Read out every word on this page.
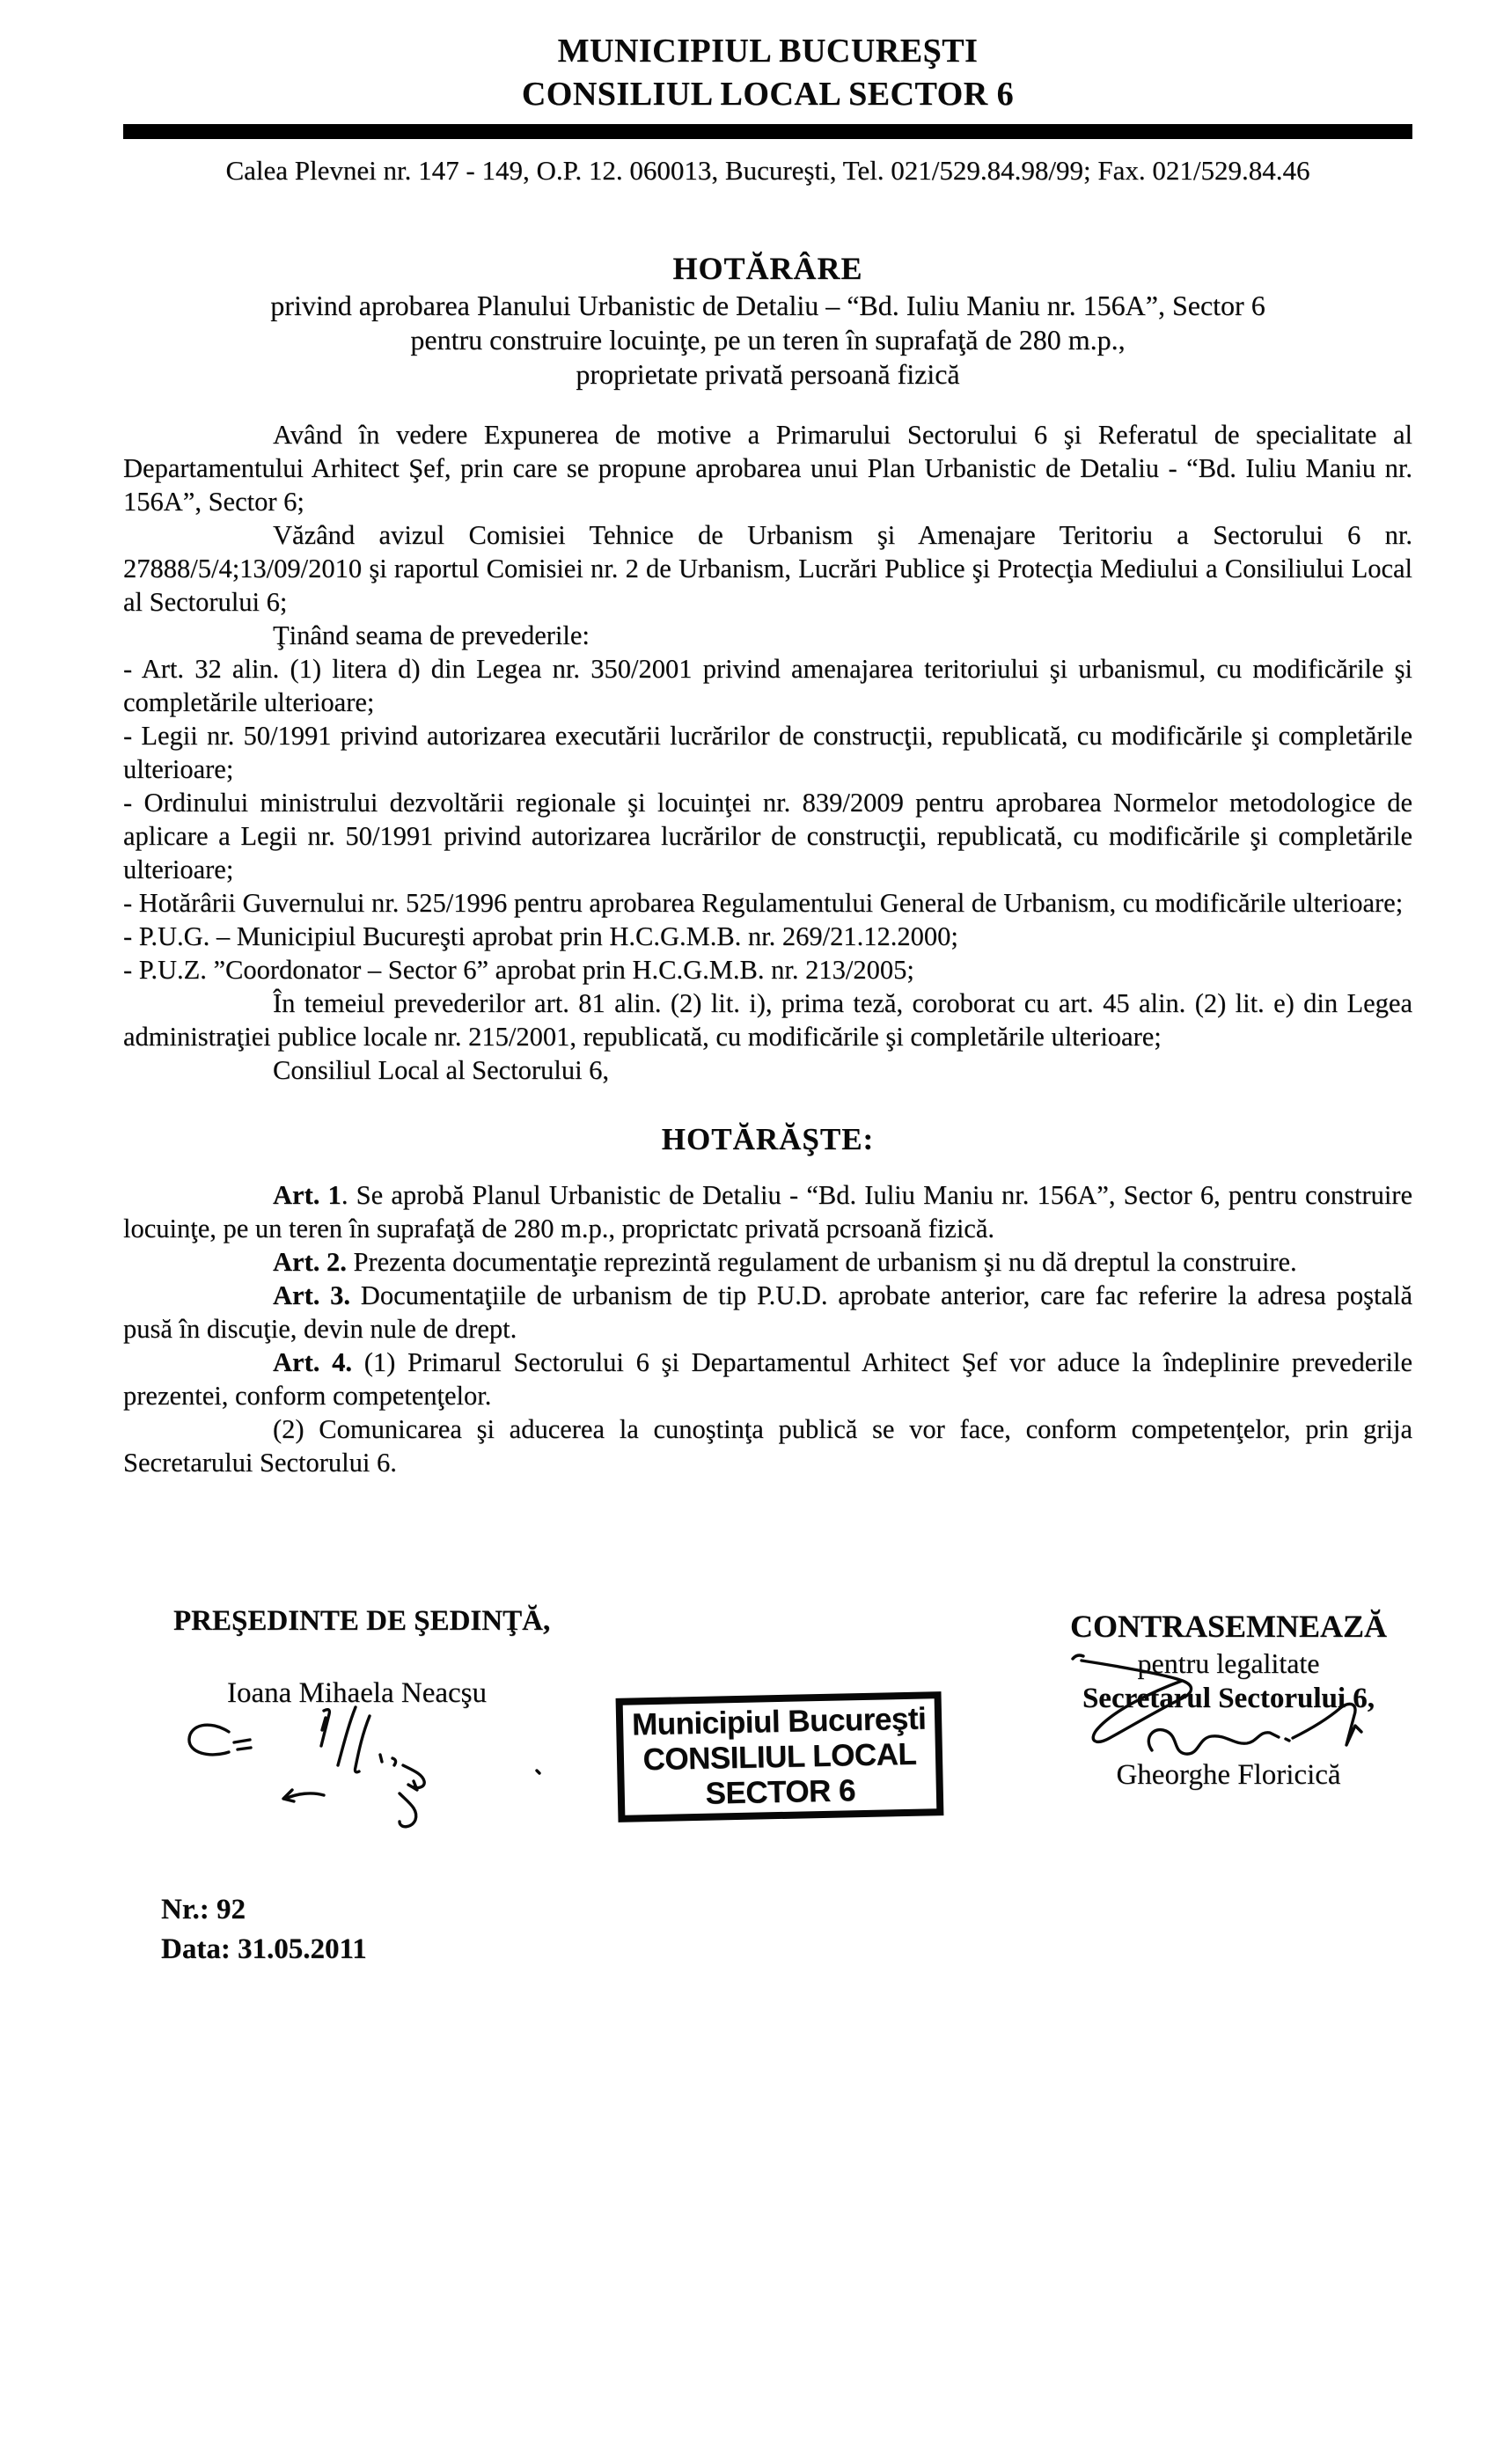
MUNICIPIUL BUCUREŞTI
CONSILIUL LOCAL SECTOR 6
Calea Plevnei nr. 147 - 149, O.P. 12. 060013, Bucureşti, Tel. 021/529.84.98/99; Fax. 021/529.84.46
HOTĂRÂRE
privind aprobarea Planului Urbanistic de Detaliu – “Bd. Iuliu Maniu nr. 156A”, Sector 6
pentru construire locuinţe, pe un teren în suprafaţă de 280 m.p.,
proprietate privată persoană fizică

Având în vedere Expunerea de motive a Primarului Sectorului 6 şi Referatul de specialitate al Departamentului Arhitect Şef, prin care se propune aprobarea unui Plan Urbanistic de Detaliu - “Bd. Iuliu Maniu nr. 156A”, Sector 6;

Văzând avizul Comisiei Tehnice de Urbanism şi Amenajare Teritoriu a Sectorului 6 nr. 27888/5/4;13/09/2010 şi raportul Comisiei nr. 2 de Urbanism, Lucrări Publice şi Protecţia Mediului a Consiliului Local al Sectorului 6;

Ţinând seama de prevederile:

- Art. 32 alin. (1) litera d) din Legea nr. 350/2001 privind amenajarea teritoriului şi urbanismul, cu modificările şi completările ulterioare;

- Legii nr. 50/1991 privind autorizarea executării lucrărilor de construcţii, republicată, cu modificările şi completările ulterioare;

- Ordinului ministrului dezvoltării regionale şi locuinţei nr. 839/2009 pentru aprobarea Normelor metodologice de aplicare a Legii nr. 50/1991 privind autorizarea lucrărilor de construcţii, republicată, cu modificările şi completările ulterioare;

- Hotărârii Guvernului nr. 525/1996 pentru aprobarea Regulamentului General de Urbanism, cu modificările ulterioare;

- P.U.G. – Municipiul Bucureşti aprobat prin H.C.G.M.B. nr. 269/21.12.2000;

- P.U.Z. ”Coordonator – Sector 6” aprobat prin H.C.G.M.B. nr. 213/2005;

În temeiul prevederilor art. 81 alin. (2) lit. i), prima teză, coroborat cu art. 45 alin. (2) lit. e) din Legea administraţiei publice locale nr. 215/2001, republicată, cu modificările şi completările ulterioare;

Consiliul Local al Sectorului 6,

HOTĂRĂŞTE:

Art. 1. Se aprobă Planul Urbanistic de Detaliu - “Bd. Iuliu Maniu nr. 156A”, Sector 6, pentru construire locuinţe, pe un teren în suprafaţă de 280 m.p., proprictatc privată pcrsoană fizică.

Art. 2. Prezenta documentaţie reprezintă regulament de urbanism şi nu dă dreptul la construire.

Art. 3. Documentaţiile de urbanism de tip P.U.D. aprobate anterior, care fac referire la adresa poştală pusă în discuţie, devin nule de drept.

Art. 4. (1) Primarul Sectorului 6 şi Departamentul Arhitect Şef vor aduce la îndeplinire prevederile prezentei, conform competenţelor.

(2) Comunicarea şi aducerea la cunoştinţa publică se vor face, conform competenţelor, prin grija Secretarului Sectorului 6.

PREŞEDINTE DE ŞEDINŢĂ,
Ioana Mihaela Neacşu
Municipiul Bucureşti
CONSILIUL LOCAL
SECTOR 6
CONTRASEMNEAZĂ
pentru legalitate
Secretarul Sectorului 6,
Gheorghe Floricică
Nr.: 92
Data: 31.05.2011
